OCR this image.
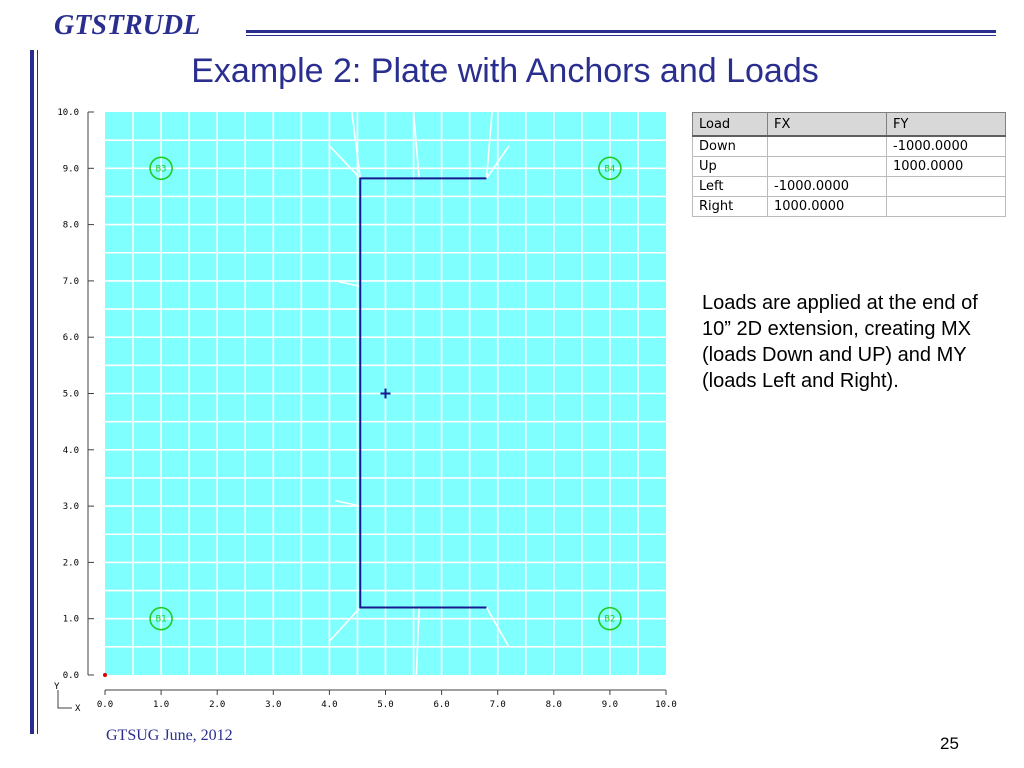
GTSTRUDL
Example 2: Plate with Anchors and Loads
B1	B2
B3	B4
0.0
0.0
1.0
1.0
2.0
2.0
3.0
3.0
4.0
4.0
5.0
5.0
6.0
6.0
7.0
7.0
8.0
8.0
9.0
9.0
10.0
10.0
Y
X
Load	FX	FY
Down		-1000.0000
Up		1000.0000
Left	-1000.0000	
Right	1000.0000	
Loads are applied at the end of 10” 2D extension, creating MX (loads Down and UP) and MY (loads Left and Right).
GTSUG June, 2012	25
